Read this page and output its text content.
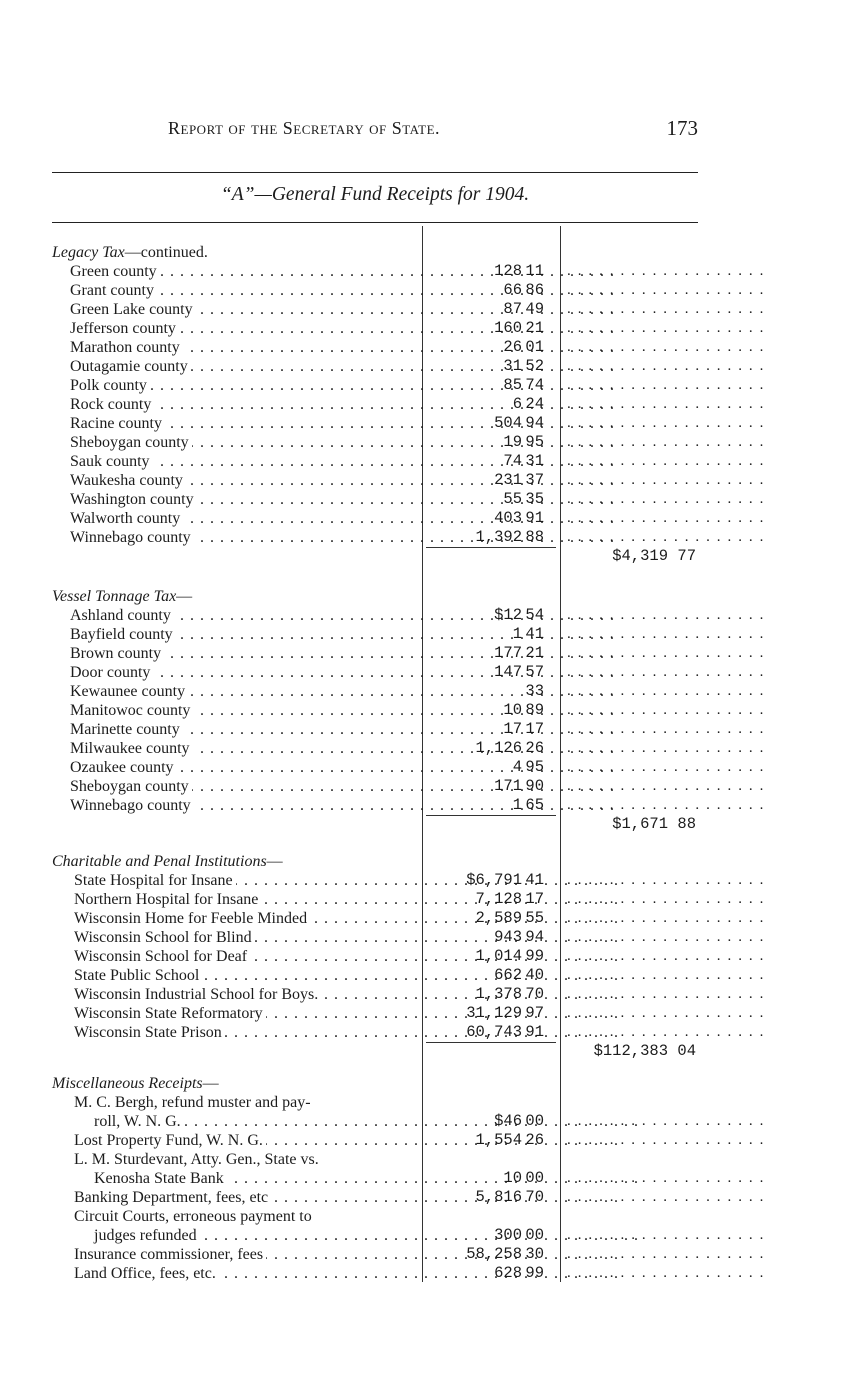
Report of the Secretary of State.	173
“A”—General Fund Receipts for 1904.
Legacy Tax—continued.
Green county . . .	128 11 . . . . . . . . . . . . . . . . . . .
Grant county . . .	66 86 . . . . . . . . . . . . . . . . . . .
Green Lake county . . .	87 49 . . . . . . . . . . . . . . . . . . .
Jefferson county . . .	160 21 . . . . . . . . . . . . . . . . . . .
Marathon county . . .	26 01 . . . . . . . . . . . . . . . . . . .
Outagamie county . . .	31 52 . . . . . . . . . . . . . . . . . . .
Polk county . . .	85 74 . . . . . . . . . . . . . . . . . . .
Rock county . . .	6 24 . . . . . . . . . . . . . . . . . . .
Racine county . . .	504 94 . . . . . . . . . . . . . . . . . . .
Sheboygan county . . .	19 95 . . . . . . . . . . . . . . . . . . .
Sauk county . . .	74 31 . . . . . . . . . . . . . . . . . . .
Waukesha county . . .	231 37 . . . . . . . . . . . . . . . . . . .
Washington county . . .	55 35 . . . . . . . . . . . . . . . . . . .
Walworth county . . .	403 91 . . . . . . . . . . . . . . . . . . .
Winnebago county . . .	1,392 88 . . . . . . . . . . . . . . . . . . .
$4,319 77
Vessel Tonnage Tax—
Ashland county . . .	$12 54 . . . . . . . . . . . . . . . . . . .
Bayfield county . . .	1 41 . . . . . . . . . . . . . . . . . . .
Brown county . . .	177 21 . . . . . . . . . . . . . . . . . . .
Door county . . .	147 57 . . . . . . . . . . . . . . . . . . .
Kewaunee county . . .	33 . . . . . . . . . . . . . . . . . . .
Manitowoc county . . .	10 89 . . . . . . . . . . . . . . . . . . .
Marinette county . . .	17 17 . . . . . . . . . . . . . . . . . . .
Milwaukee county . . .	1,126 26 . . . . . . . . . . . . . . . . . . .
Ozaukee county . . .	4 95 . . . . . . . . . . . . . . . . . . .
Sheboygan county . . .	171 90 . . . . . . . . . . . . . . . . . . .
Winnebago county . . .	1 65 . . . . . . . . . . . . . . . . . . .
$1,671 88
Charitable and Penal Institutions—
State Hospital for Insane . . .	$6,791 41 . . . . . . . . . . . . . . . . . . .
Northern Hospital for Insane . . .	7,128 17 . . . . . . . . . . . . . . . . . . .
Wisconsin Home for Feeble Minded . . .	2,589 55 . . . . . . . . . . . . . . . . . . .
Wisconsin School for Blind . . .	943 94 . . . . . . . . . . . . . . . . . . .
Wisconsin School for Deaf . . .	1,014 99 . . . . . . . . . . . . . . . . . . .
State Public School . . .	662 40 . . . . . . . . . . . . . . . . . . .
Wisconsin Industrial School for Boys. . . .	1,378 70 . . . . . . . . . . . . . . . . . . .
Wisconsin State Reformatory . . .	31,129 97 . . . . . . . . . . . . . . . . . . .
Wisconsin State Prison . . .	60,743 91 . . . . . . . . . . . . . . . . . . .
$112,383 04
Miscellaneous Receipts—
M. C. Bergh, refund muster and pay-
roll, W. N. G. . . .	$46 00 . . . . . . . . . . . . . . . . . . .
Lost Property Fund, W. N. G. . . .	1,554 26 . . . . . . . . . . . . . . . . . . .
L. M. Sturdevant, Atty. Gen., State vs.
Kenosha State Bank . . .	10 00 . . . . . . . . . . . . . . . . . . .
Banking Department, fees, etc . . .	5,816 70 . . . . . . . . . . . . . . . . . . .
Circuit Courts, erroneous payment to
judges refunded . . .	300 00 . . . . . . . . . . . . . . . . . . .
Insurance commissioner, fees . . .	58,258 30 . . . . . . . . . . . . . . . . . . .
Land Office, fees, etc. . . .	628 99 . . . . . . . . . . . . . . . . . . .
